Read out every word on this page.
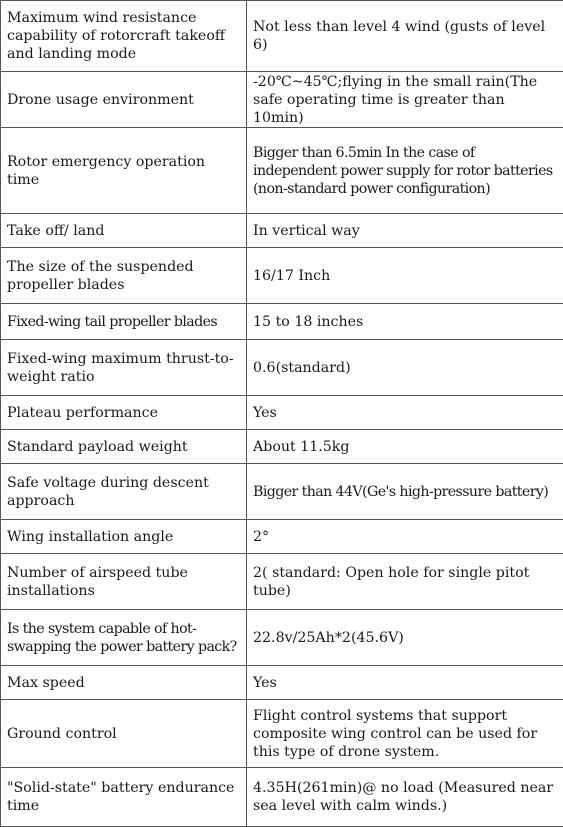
Maximum wind resistance capability of rotorcraft takeoff and landing mode	Not less than level 4 wind (gusts of level 6)
Drone usage environment	-20℃~45℃;flying in the small rain(The safe operating time is greater than 10min)
Rotor emergency operation time	Bigger than 6.5min In the case of independent power supply for rotor batteries (non-standard power configuration)
Take off/ land	In vertical way
The size of the suspended propeller blades	16/17 Inch
Fixed-wing tail propeller blades	15 to 18 inches
Fixed-wing maximum thrust-to-weight ratio	0.6(standard)
Plateau performance	Yes
Standard payload weight	About 11.5kg
Safe voltage during descent approach	Bigger than 44V(Ge's high-pressure battery)
Wing installation angle	2°
Number of airspeed tube installations	2( standard: Open hole for single pitot tube)
Is the system capable of hot-swapping the power battery pack?	22.8v/25Ah*2(45.6V)
Max speed	Yes
Ground control	Flight control systems that support composite wing control can be used for this type of drone system.
"Solid-state" battery endurance time	4.35H(261min)@ no load (Measured near sea level with calm winds.)
